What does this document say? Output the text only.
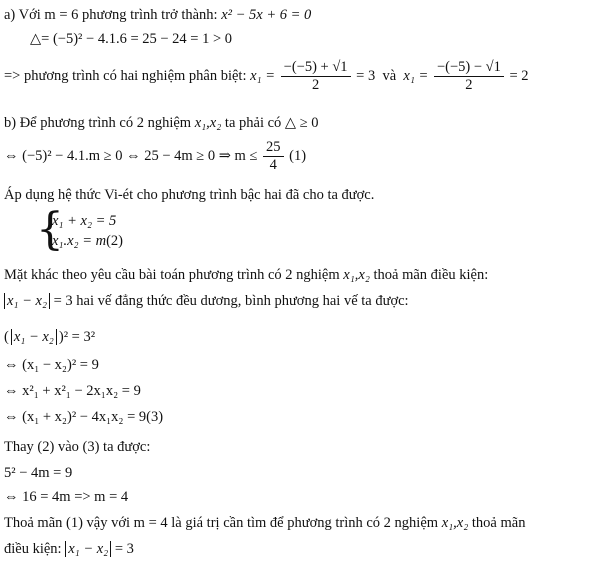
a) Với m = 6 phương trình trở thành: x² − 5x + 6 = 0
△= (−5)² − 4.1.6 = 25 − 24 = 1 > 0
=> phương trình có hai nghiệm phân biệt: $x_1 = \frac{-(-5) + √1}{2} = 3$ và $x_1 = \frac{-(-5) - √1}{2} = 2$
b) Để phương trình có 2 nghiệm x₁,x₂ ta phải có △ ≥ 0
⇔ (−5)² − 4.1.m ≥ 0 ⇔ 25 − 4m ≥ 0 ⇒ $m \le \frac{25}{4} (1)$
Áp dụng hệ thức Vi-ét cho phương trình bậc hai đã cho ta được.
{
x₁ + x₂ = 5
x₁.x₂ = m(2)
Mặt khác theo yêu cầu bài toán phương trình có 2 nghiệm x₁,x₂ thoả mãn điều kiện:
x₁ − x₂ = 3 hai vế đẳng thức đều dương, bình phương hai vế ta được:
( x₁ − x₂ )² = 3²
⇔ (x₁ − x₂)² = 9
⇔ x²₁ + x²₁ − 2x₁x₂ = 9
⇔ (x₁ + x₂)² − 4x₁x₂ = 9(3)
Thay (2) vào (3) ta được:
5² − 4m = 9
⇔ 16 = 4m => m = 4
Thoả mãn (1) vậy với m = 4 là giá trị cần tìm để phương trình có 2 nghiệm x₁,x₂ thoả mãn
điều kiện: x₁ − x₂ = 3
